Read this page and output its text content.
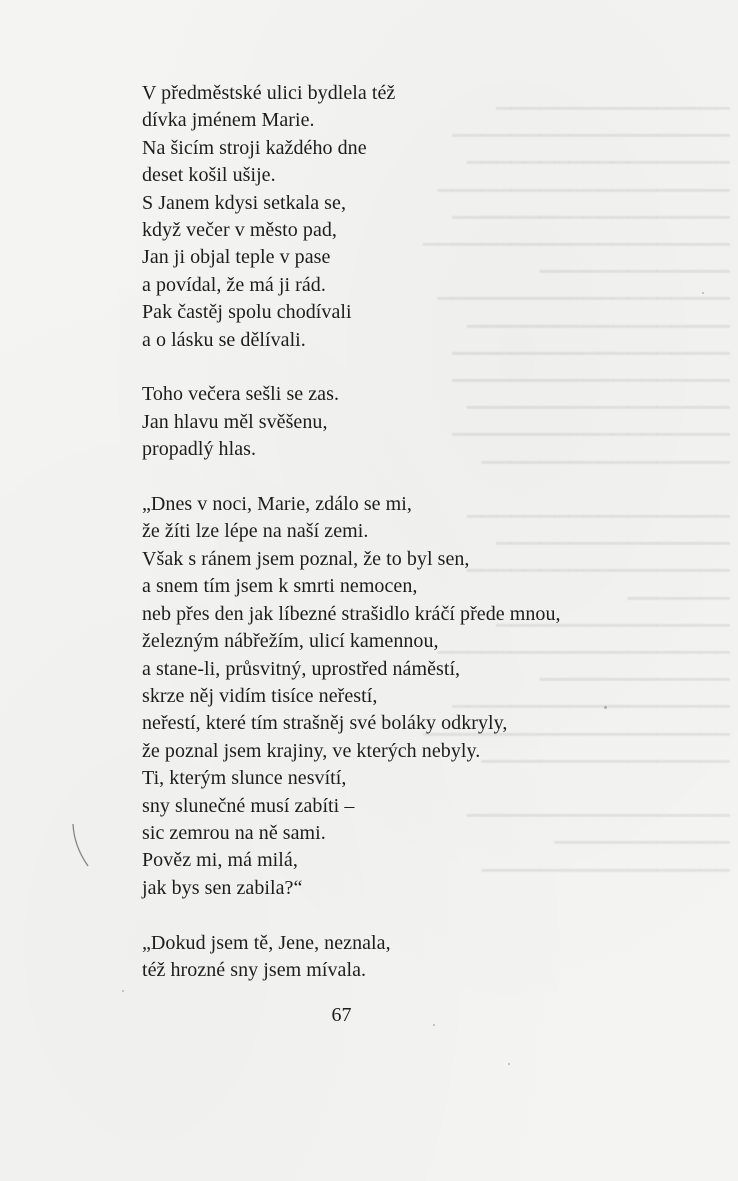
▁▁▁▁▁▁▁▁▁▁▁▁▁▁▁▁
▁▁▁▁▁▁▁▁▁▁▁▁▁▁▁▁▁▁▁
▁▁▁▁▁▁▁▁▁▁▁▁▁▁▁▁▁▁
▁▁▁▁▁▁▁▁▁▁▁▁▁▁▁▁▁▁▁▁
▁▁▁▁▁▁▁▁▁▁▁▁▁▁▁▁▁▁▁
▁▁▁▁▁▁▁▁▁▁▁▁▁▁▁▁▁▁▁▁▁
▁▁▁▁▁▁▁▁▁▁▁▁▁
▁▁▁▁▁▁▁▁▁▁▁▁▁▁▁▁▁▁▁▁
▁▁▁▁▁▁▁▁▁▁▁▁▁▁▁▁▁▁
▁▁▁▁▁▁▁▁▁▁▁▁▁▁▁▁▁▁▁
▁▁▁▁▁▁▁▁▁▁▁▁▁▁▁▁▁▁▁
▁▁▁▁▁▁▁▁▁▁▁▁▁▁▁▁▁▁
▁▁▁▁▁▁▁▁▁▁▁▁▁▁▁▁▁▁▁
▁▁▁▁▁▁▁▁▁▁▁▁▁▁▁▁▁

▁▁▁▁▁▁▁▁▁▁▁▁▁▁▁▁▁▁
▁▁▁▁▁▁▁▁▁▁▁▁▁▁▁▁
▁▁▁▁▁▁▁▁▁▁▁▁▁▁▁▁▁▁
▁▁▁▁▁▁▁
▁▁▁▁▁▁▁▁▁▁▁▁▁▁▁▁
▁▁▁▁▁▁▁▁▁▁▁▁▁▁▁▁▁▁▁▁
▁▁▁▁▁▁▁▁▁▁▁▁▁
▁▁▁▁▁▁▁▁▁▁▁▁▁▁▁▁▁▁▁
▁▁▁▁▁▁▁▁▁▁▁▁▁▁▁▁▁▁▁▁▁
▁▁▁▁▁▁▁▁▁▁▁▁▁▁▁▁▁

▁▁▁▁▁▁▁▁▁▁▁▁▁▁▁▁▁▁
▁▁▁▁▁▁▁▁▁▁▁▁
▁▁▁▁▁▁▁▁▁▁▁▁▁▁▁▁▁

V předměstské ulici bydlela též
dívka jménem Marie.
Na šicím stroji každého dne
deset košil ušije.
S Janem kdysi setkala se,
když večer v město pad,
Jan ji objal teple v pase
a povídal, že má ji rád.
Pak častěj spolu chodívali
a o lásku se dělívali.

Toho večera sešli se zas.
Jan hlavu měl svěšenu,
propadlý hlas.

„Dnes v noci, Marie, zdálo se mi,
že žíti lze lépe na naší zemi.
Však s ránem jsem poznal, že to byl sen,
a snem tím jsem k smrti nemocen,
neb přes den jak líbezné strašidlo kráčí přede mnou,
železným nábřežím, ulicí kamennou,
a stane-li, průsvitný, uprostřed náměstí,
skrze něj vidím tisíce neřestí,
neřestí, které tím strašněj své boláky odkryly,
že poznal jsem krajiny, ve kterých nebyly.
Ti, kterým slunce nesvítí,
sny slunečné musí zabíti –
sic zemrou na ně sami.
Pověz mi, má milá,
jak bys sen zabila?“

„Dokud jsem tě, Jene, neznala,
též hrozné sny jsem mívala.

67
